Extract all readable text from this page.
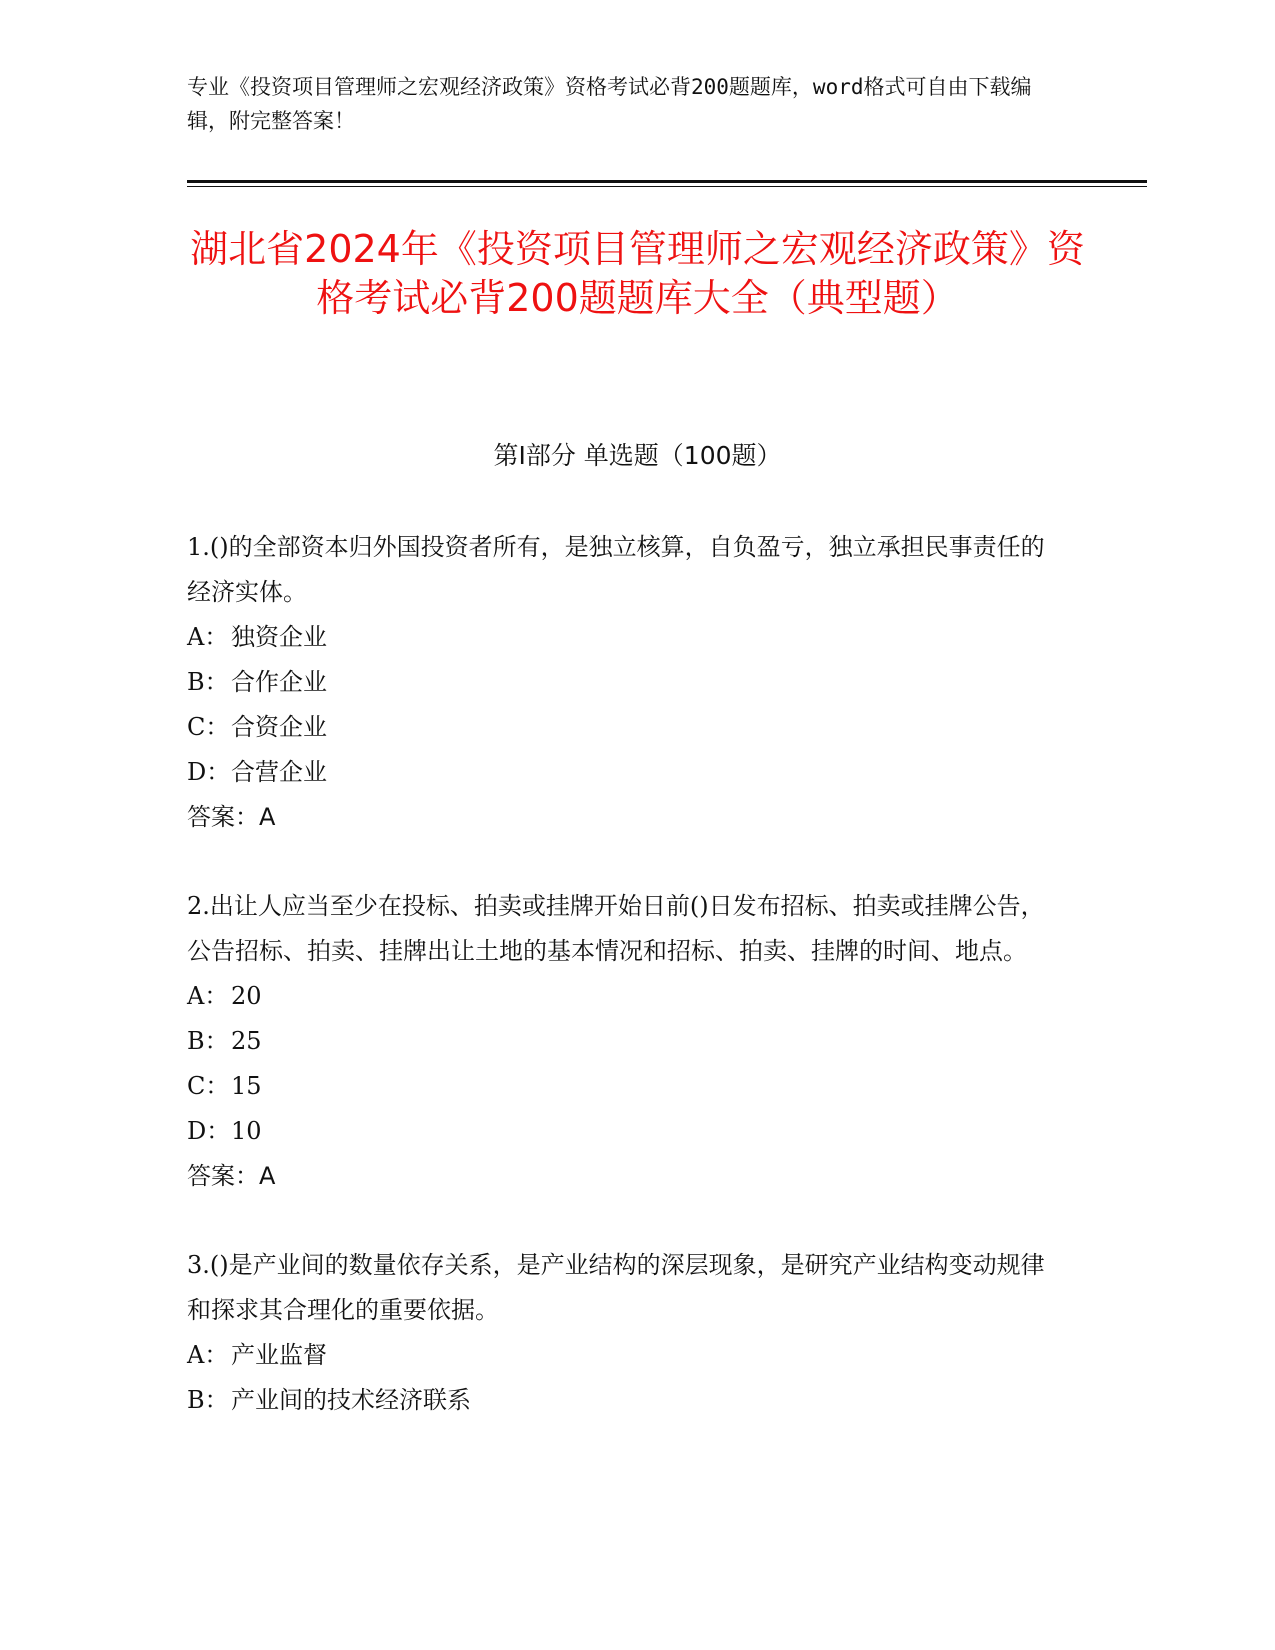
专业《投资项目管理师之宏观经济政策》资格考试必背200题题库，word格式可自由下载编辑，附完整答案！
湖北省2024年《投资项目管理师之宏观经济政策》资格考试必背200题题库大全（典型题）
第I部分 单选题（100题）
1.()的全部资本归外国投资者所有，是独立核算，自负盈亏，独立承担民事责任的经济实体。
A： 独资企业
B：合作企业
C：合资企业
D：合营企业
答案：A
2.出让人应当至少在投标、拍卖或挂牌开始日前()日发布招标、拍卖或挂牌公告，公告招标、拍卖、挂牌出让土地的基本情况和招标、拍卖、挂牌的时间、地点。
A： 20
B：25
C：15
D：10
答案：A
3.()是产业间的数量依存关系，是产业结构的深层现象，是研究产业结构变动规律和探求其合理化的重要依据。
A： 产业监督
B：产业间的技术经济联系
